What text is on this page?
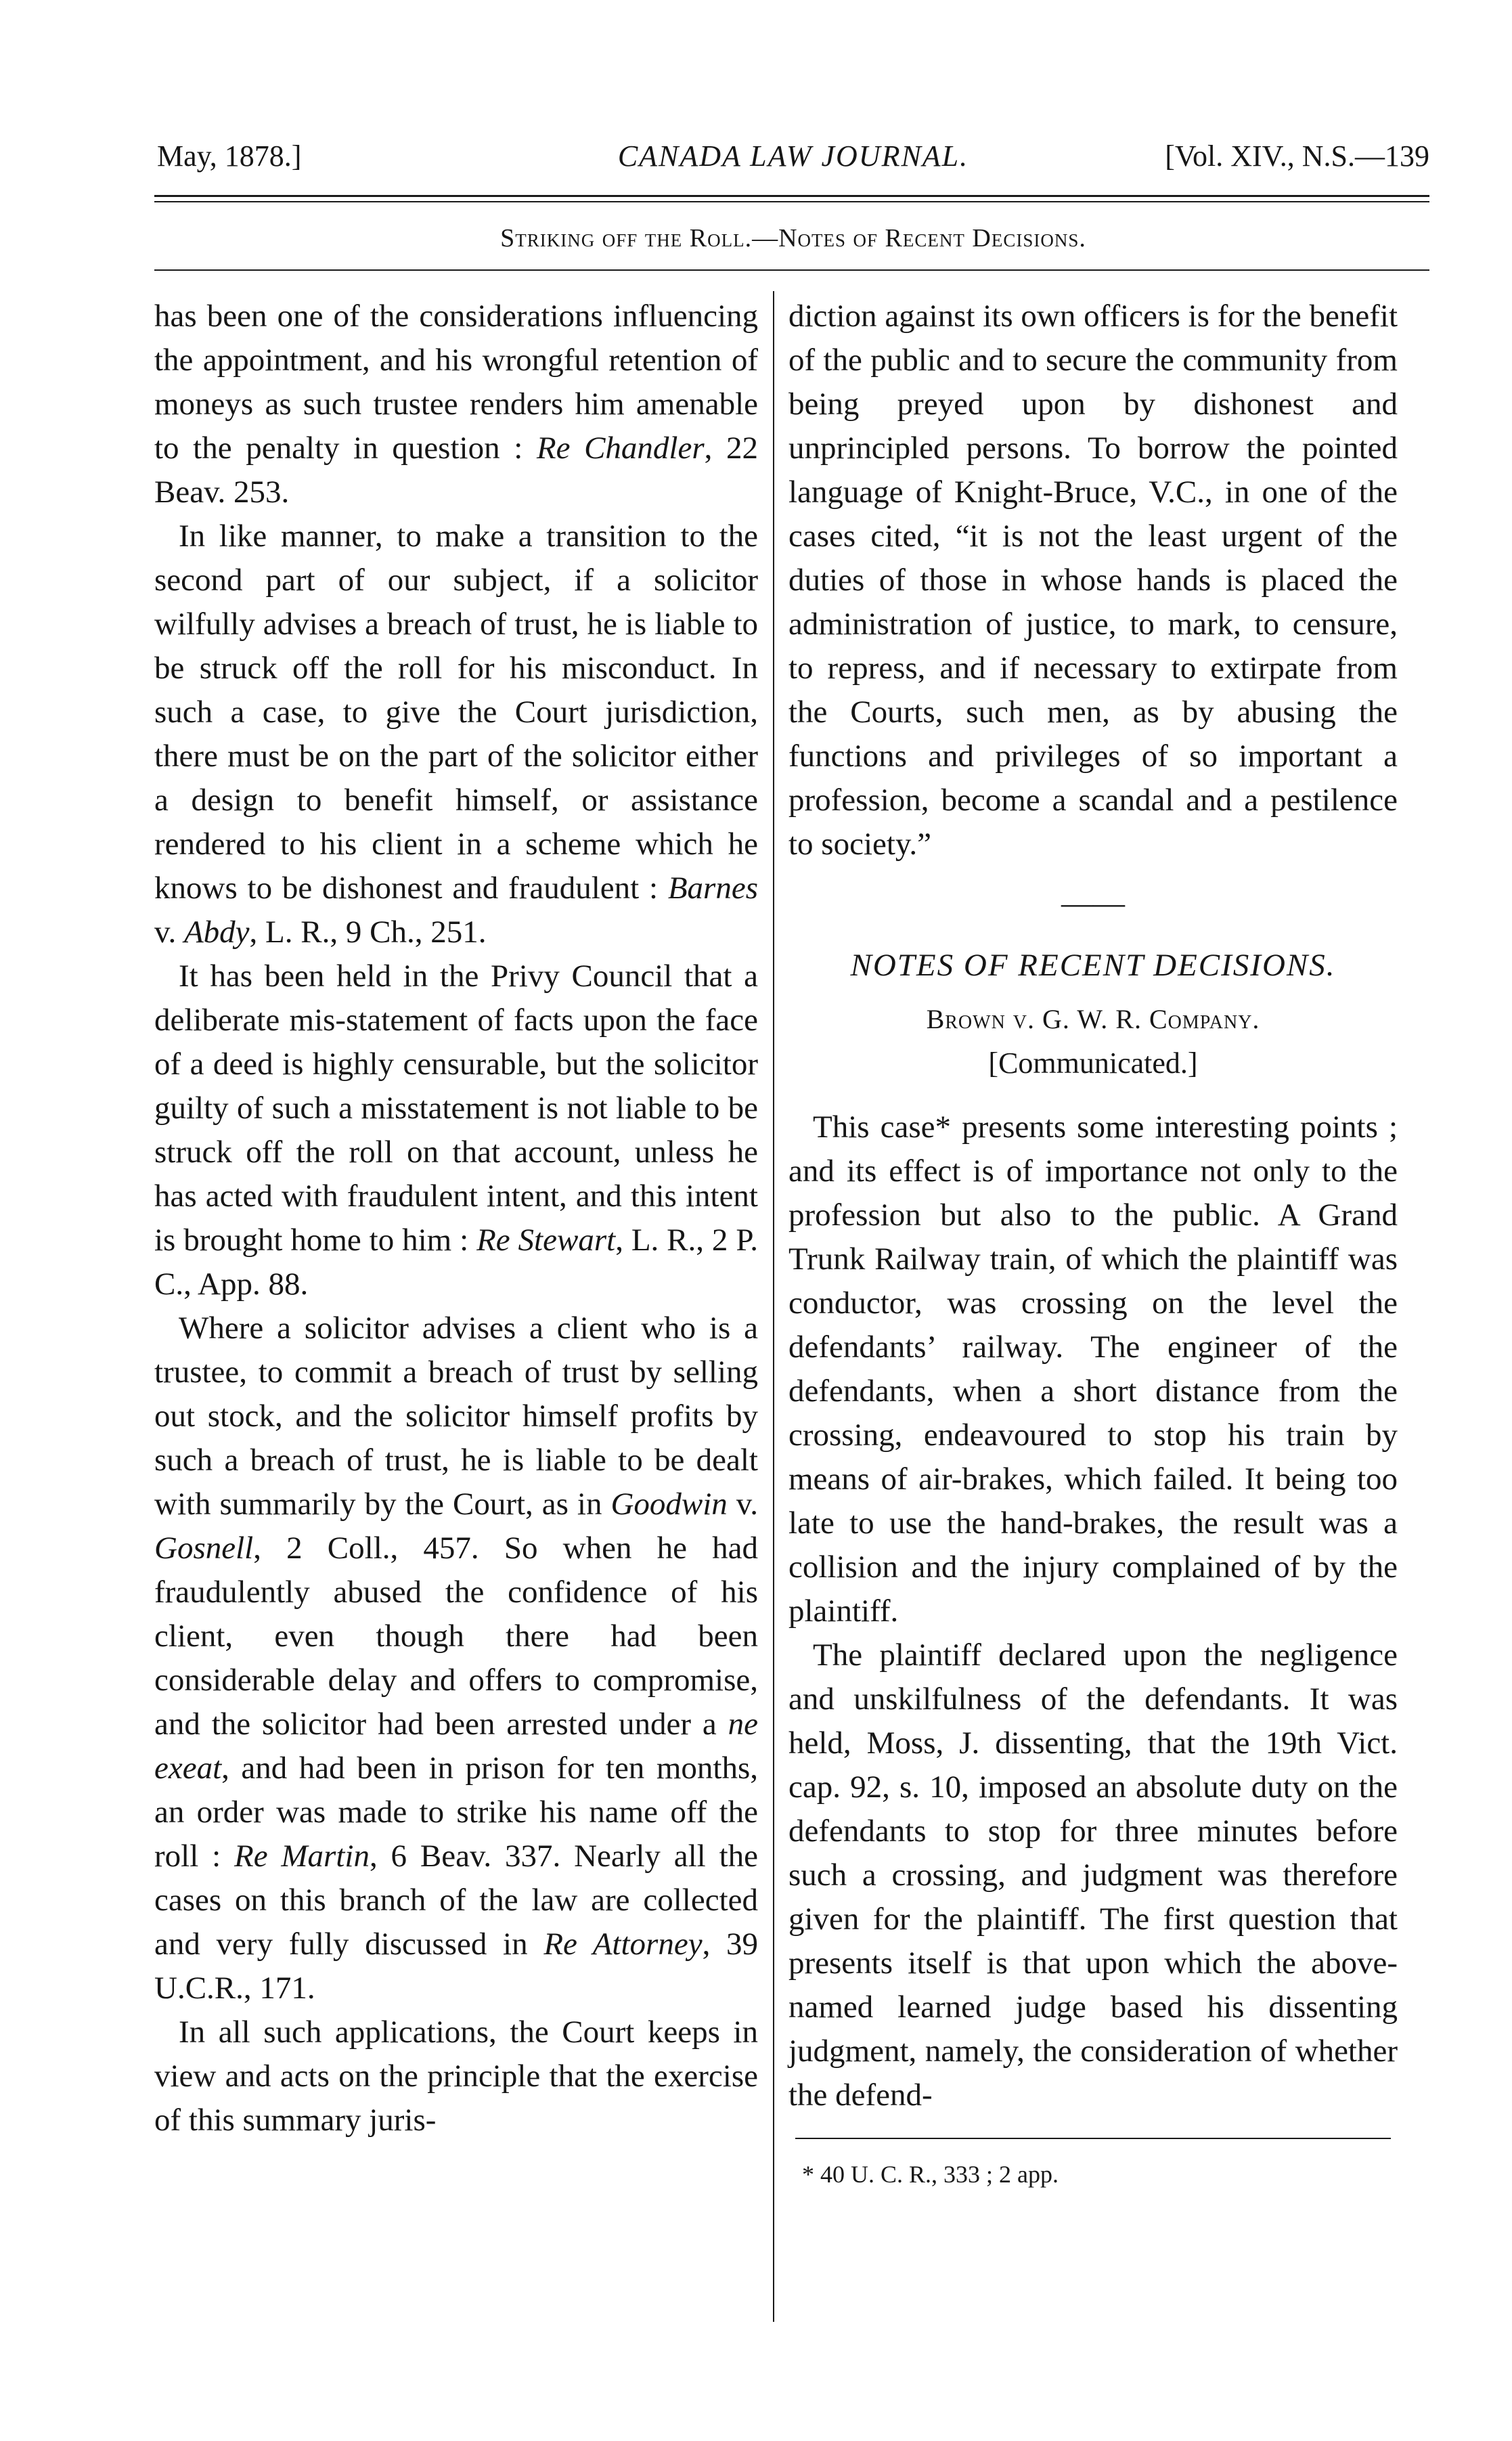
May, 1878.]	CANADA LAW JOURNAL.	[Vol. XIV., N.S.—139
Striking off the Roll.—Notes of Recent Decisions.

has been one of the considerations influencing the appointment, and his wrongful retention of moneys as such trustee renders him amenable to the penalty in question : Re Chandler, 22 Beav. 253.

In like manner, to make a transition to the second part of our subject, if a solicitor wilfully advises a breach of trust, he is liable to be struck off the roll for his misconduct. In such a case, to give the Court jurisdiction, there must be on the part of the solicitor either a design to benefit himself, or assistance rendered to his client in a scheme which he knows to be dishonest and fraudulent : Barnes v. Abdy, L. R., 9 Ch., 251.

It has been held in the Privy Council that a deliberate mis-statement of facts upon the face of a deed is highly censurable, but the solicitor guilty of such a misstatement is not liable to be struck off the roll on that account, unless he has acted with fraudulent intent, and this intent is brought home to him : Re Stewart, L. R., 2 P. C., App. 88.

Where a solicitor advises a client who is a trustee, to commit a breach of trust by selling out stock, and the solicitor himself profits by such a breach of trust, he is liable to be dealt with summarily by the Court, as in Goodwin v. Gosnell, 2 Coll., 457. So when he had fraudulently abused the confidence of his client, even though there had been considerable delay and offers to compromise, and the solicitor had been arrested under a ne exeat, and had been in prison for ten months, an order was made to strike his name off the roll : Re Martin, 6 Beav. 337. Nearly all the cases on this branch of the law are collected and very fully discussed in Re Attorney, 39 U.C.R., 171.

In all such applications, the Court keeps in view and acts on the principle that the exercise of this summary juris-

diction against its own officers is for the benefit of the public and to secure the community from being preyed upon by dishonest and unprincipled persons. To borrow the pointed language of Knight-Bruce, V.C., in one of the cases cited, “it is not the least urgent of the duties of those in whose hands is placed the administration of justice, to mark, to censure, to repress, and if necessary to extirpate from the Courts, such men, as by abusing the functions and privileges of so important a profession, become a scandal and a pestilence to society.”

——
NOTES OF RECENT DECISIONS.
Brown v. G. W. R. Company.
[Communicated.]

This case* presents some interesting points ; and its effect is of importance not only to the profession but also to the public. A Grand Trunk Railway train, of which the plaintiff was conductor, was crossing on the level the defendants’ railway. The engineer of the defendants, when a short distance from the crossing, endeavoured to stop his train by means of air-brakes, which failed. It being too late to use the hand-brakes, the result was a collision and the injury complained of by the plaintiff.

The plaintiff declared upon the negligence and unskilfulness of the defendants. It was held, Moss, J. dissenting, that the 19th Vict. cap. 92, s. 10, imposed an absolute duty on the defendants to stop for three minutes before such a crossing, and judgment was therefore given for the plaintiff. The first question that presents itself is that upon which the above-named learned judge based his dissenting judgment, namely, the consideration of whether the defend-

* 40 U. C. R., 333 ; 2 app.
